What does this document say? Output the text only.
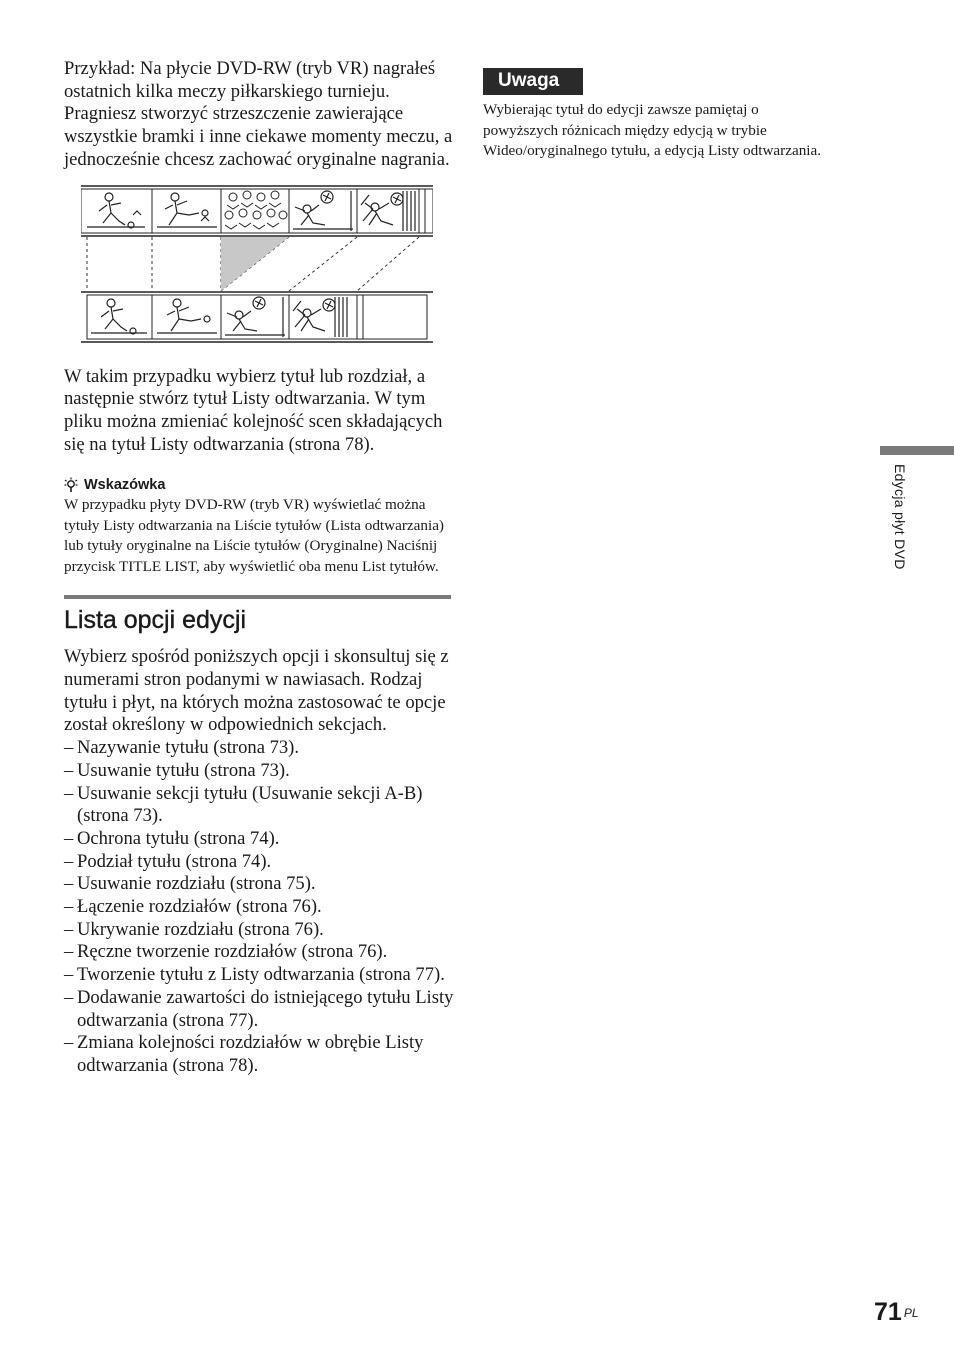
Przykład: Na płycie DVD-RW (tryb VR) nagrałeś ostatnich kilka meczy piłkarskiego turnieju. Pragniesz stworzyć strzeszczenie zawierające wszystkie bramki i inne ciekawe momenty meczu, a jednocześnie chcesz zachować oryginalne nagrania.

W takim przypadku wybierz tytuł lub rozdział, a następnie stwórz tytuł Listy odtwarzania. W tym pliku można zmieniać kolejność scen składających się na tytuł Listy odtwarzania (strona 78).

Wskazówka

W przypadku płyty DVD-RW (tryb VR) wyświetlać można tytuły Listy odtwarzania na Liście tytułów (Lista odtwarzania) lub tytuły oryginalne na Liście tytułów (Oryginalne) Naciśnij przycisk TITLE LIST, aby wyświetlić oba menu List tytułów.

Lista opcji edycji

Wybierz spośród poniższych opcji i skonsultuj się z numerami stron podanymi w nawiasach. Rodzaj tytułu i płyt, na których można zastosować te opcje został określony w odpowiednich sekcjach.

– Nazywanie tytułu (strona 73).
– Usuwanie tytułu (strona 73).
– Usuwanie sekcji tytułu (Usuwanie sekcji A-B) (strona 73).
– Ochrona tytułu (strona 74).
– Podział tytułu (strona 74).
– Usuwanie rozdziału (strona 75).
– Łączenie rozdziałów (strona 76).
– Ukrywanie rozdziału (strona 76).
– Ręczne tworzenie rozdziałów (strona 76).
– Tworzenie tytułu z Listy odtwarzania (strona 77).
– Dodawanie zawartości do istniejącego tytułu Listy odtwarzania (strona 77).
– Zmiana kolejności rozdziałów w obrębie Listy odtwarzania (strona 78).
Uwaga

Wybierając tytuł do edycji zawsze pamiętaj o powyższych różnicach między edycją w trybie Wideo/oryginalnego tytułu, a edycją Listy odtwarzania.

Edycja płyt DVD
71 $^{PL}$
